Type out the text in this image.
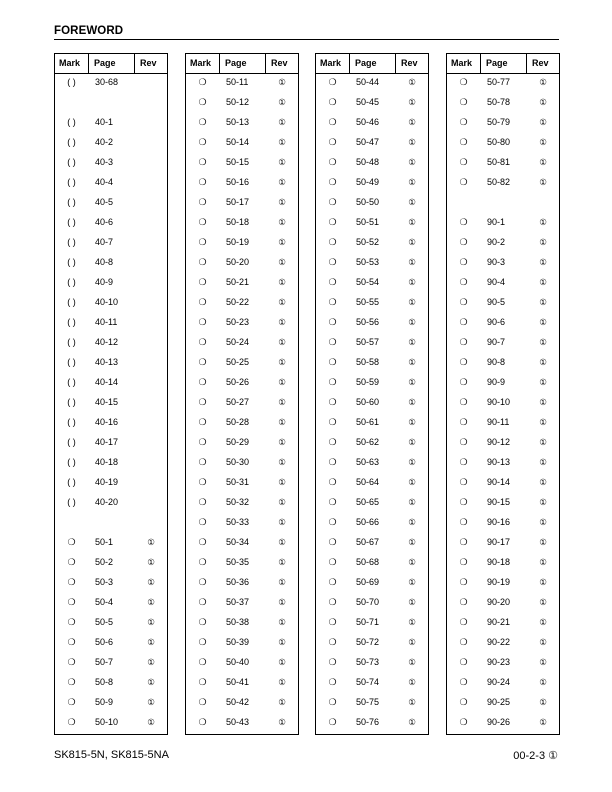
FOREWORD
Mark Page	Rev
( )	30-68
( )	40-1
( )	40-2
( )	40-3
( )	40-4
( )	40-5
( )	40-6
( )	40-7
( )	40-8
( )	40-9
( )	40-10
( )	40-11
( )	40-12
( )	40-13
( )	40-14
( )	40-15
( )	40-16
( )	40-17
( )	40-18
( )	40-19
( )	40-20
❍	50-1	①
❍	50-2	①
❍	50-3	①
❍	50-4	①
❍	50-5	①
❍	50-6	①
❍	50-7	①
❍	50-8	①
❍	50-9	①
❍	50-10	①
Mark Page	Rev
❍	50-11	①
❍	50-12	①
❍	50-13	①
❍	50-14	①
❍	50-15	①
❍	50-16	①
❍	50-17	①
❍	50-18	①
❍	50-19	①
❍	50-20	①
❍	50-21	①
❍	50-22	①
❍	50-23	①
❍	50-24	①
❍	50-25	①
❍	50-26	①
❍	50-27	①
❍	50-28	①
❍	50-29	①
❍	50-30	①
❍	50-31	①
❍	50-32	①
❍	50-33	①
❍	50-34	①
❍	50-35	①
❍	50-36	①
❍	50-37	①
❍	50-38	①
❍	50-39	①
❍	50-40	①
❍	50-41	①
❍	50-42	①
❍	50-43	①
Mark Page	Rev
❍	50-44	①
❍	50-45	①
❍	50-46	①
❍	50-47	①
❍	50-48	①
❍	50-49	①
❍	50-50	①
❍	50-51	①
❍	50-52	①
❍	50-53	①
❍	50-54	①
❍	50-55	①
❍	50-56	①
❍	50-57	①
❍	50-58	①
❍	50-59	①
❍	50-60	①
❍	50-61	①
❍	50-62	①
❍	50-63	①
❍	50-64	①
❍	50-65	①
❍	50-66	①
❍	50-67	①
❍	50-68	①
❍	50-69	①
❍	50-70	①
❍	50-71	①
❍	50-72	①
❍	50-73	①
❍	50-74	①
❍	50-75	①
❍	50-76	①
Mark Page	Rev
❍	50-77	①
❍	50-78	①
❍	50-79	①
❍	50-80	①
❍	50-81	①
❍	50-82	①
❍	90-1	①
❍	90-2	①
❍	90-3	①
❍	90-4	①
❍	90-5	①
❍	90-6	①
❍	90-7	①
❍	90-8	①
❍	90-9	①
❍	90-10	①
❍	90-11	①
❍	90-12	①
❍	90-13	①
❍	90-14	①
❍	90-15	①
❍	90-16	①
❍	90-17	①
❍	90-18	①
❍	90-19	①
❍	90-20	①
❍	90-21	①
❍	90-22	①
❍	90-23	①
❍	90-24	①
❍	90-25	①
❍	90-26	①
SK815-5N, SK815-5NA	00-2-3 ①
